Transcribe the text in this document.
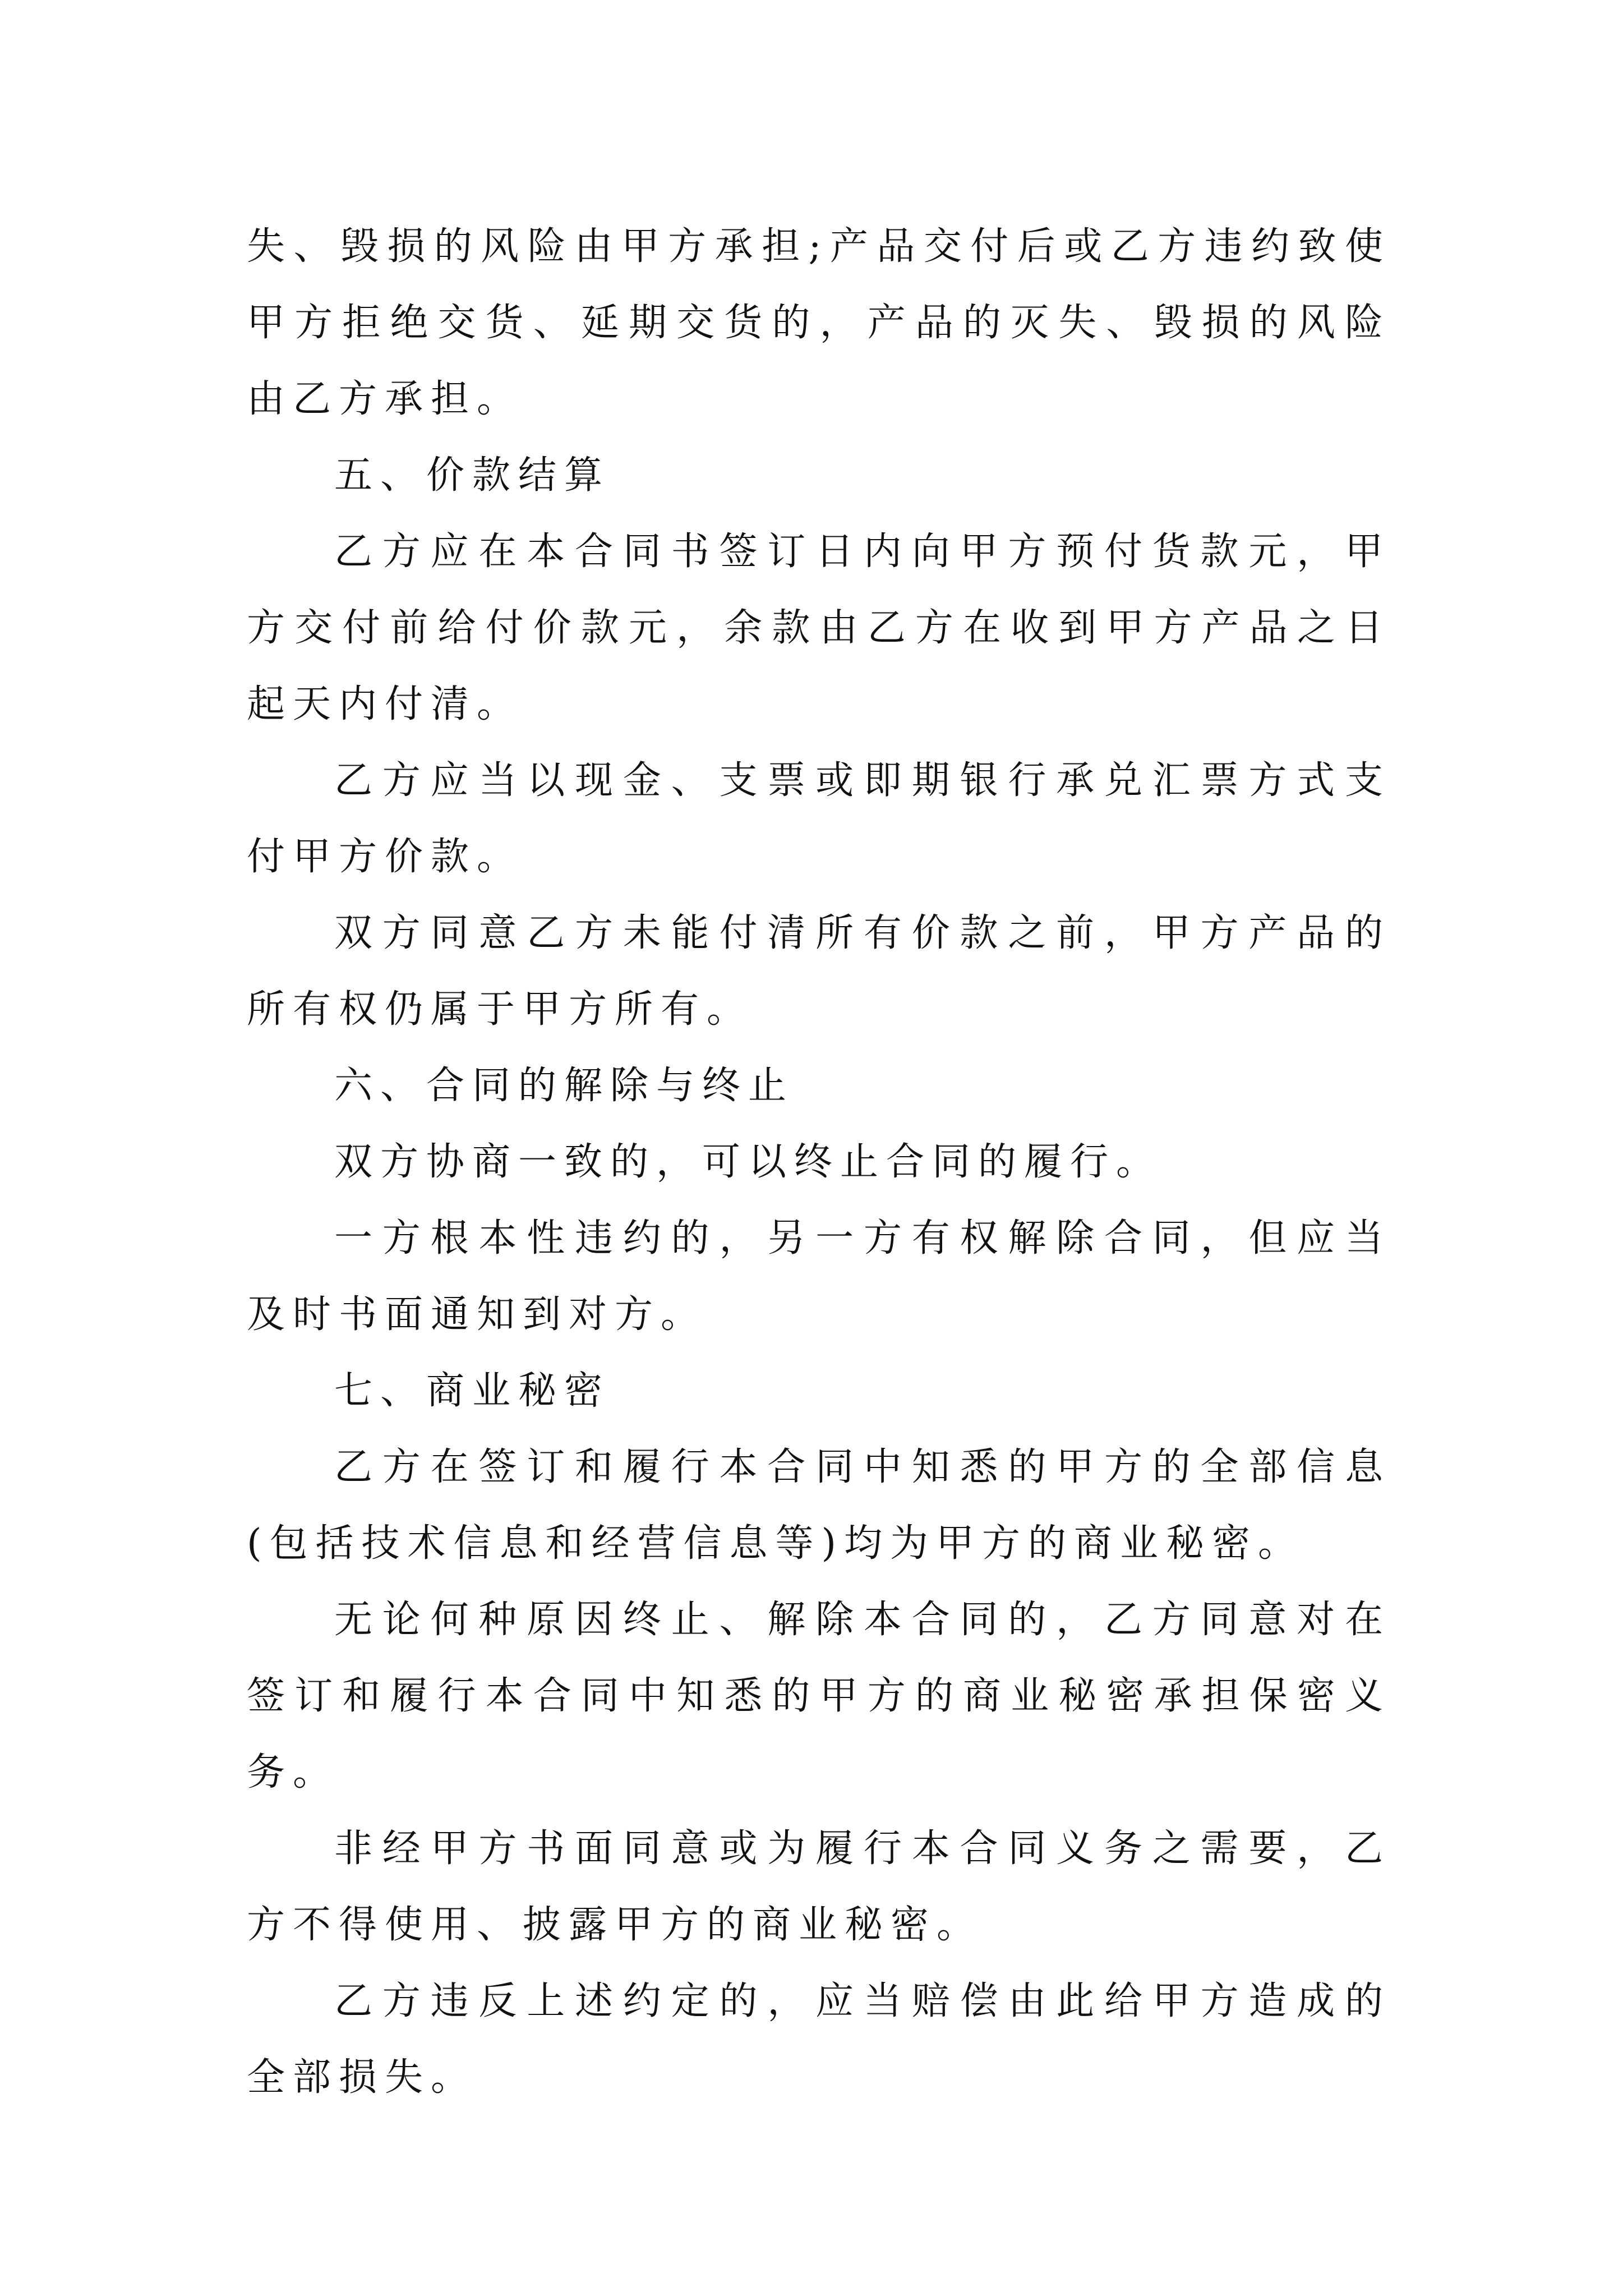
失、毁损的风险由甲方承担;产品交付后或乙方违约致使甲方拒绝交货、延期交货的，产品的灭失、毁损的风险由乙方承担。

五、价款结算

乙方应在本合同书签订日内向甲方预付货款元，甲方交付前给付价款元，余款由乙方在收到甲方产品之日起天内付清。

乙方应当以现金、支票或即期银行承兑汇票方式支付甲方价款。

双方同意乙方未能付清所有价款之前，甲方产品的所有权仍属于甲方所有。

六、合同的解除与终止

双方协商一致的，可以终止合同的履行。

一方根本性违约的，另一方有权解除合同，但应当及时书面通知到对方。

七、商业秘密

乙方在签订和履行本合同中知悉的甲方的全部信息(包括技术信息和经营信息等)均为甲方的商业秘密。

无论何种原因终止、解除本合同的，乙方同意对在签订和履行本合同中知悉的甲方的商业秘密承担保密义务。

非经甲方书面同意或为履行本合同义务之需要，乙方不得使用、披露甲方的商业秘密。

乙方违反上述约定的，应当赔偿由此给甲方造成的全部损失。
